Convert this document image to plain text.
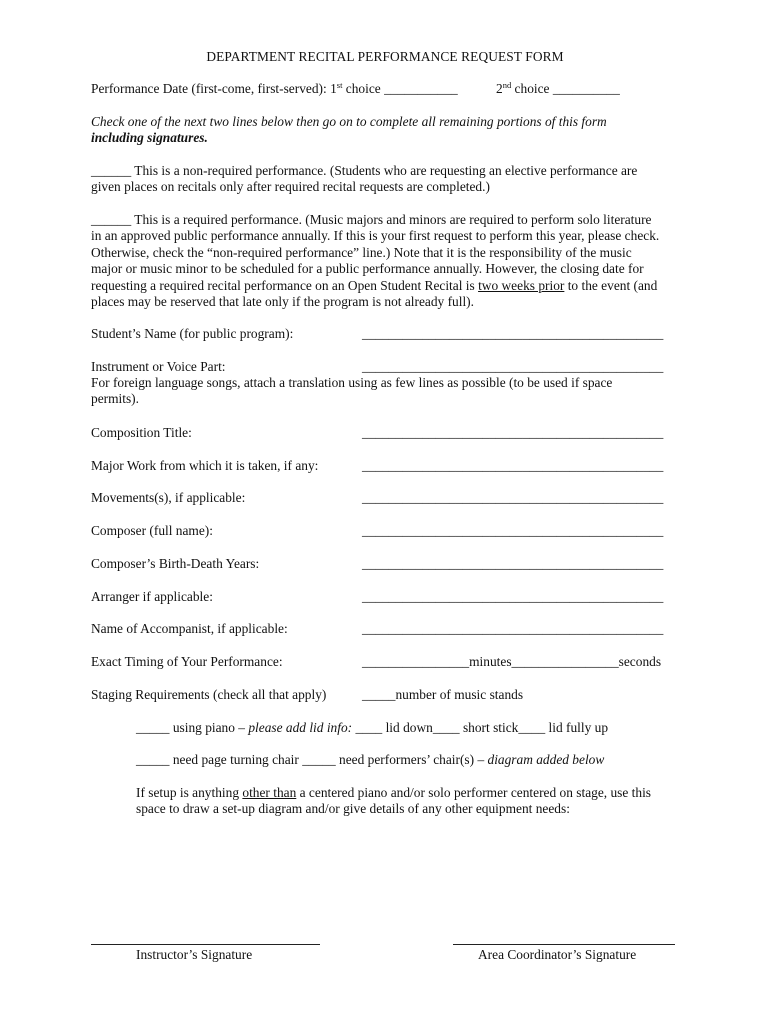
DEPARTMENT RECITAL PERFORMANCE REQUEST FORM
Performance Date (first-come, first-served): 1st choice ___________	2nd choice __________
Check one of the next two lines below then go on to complete all remaining portions of this form
including signatures.
______ This is a non-required performance. (Students who are requesting an elective performance are
given places on recitals only after required recital requests are completed.)
______ This is a required performance. (Music majors and minors are required to perform solo literature
in an approved public performance annually. If this is your first request to perform this year, please check.
Otherwise, check the “non-required performance” line.) Note that it is the responsibility of the music
major or music minor to be scheduled for a public performance annually. However, the closing date for
requesting a required recital performance on an Open Student Recital is two weeks prior to the event (and
places may be reserved that late only if the program is not already full).
Student’s Name (for public program):	_____________________________________________
Instrument or Voice Part:	_____________________________________________
For foreign language songs, attach a translation using as few lines as possible (to be used if space
permits).
Composition Title:	_____________________________________________
Major Work from which it is taken, if any:	_____________________________________________
Movements(s), if applicable:	_____________________________________________
Composer (full name):	_____________________________________________
Composer’s Birth-Death Years:	_____________________________________________
Arranger if applicable:	_____________________________________________
Name of Accompanist, if applicable:	_____________________________________________
Exact Timing of Your Performance:	________________minutes________________seconds
Staging Requirements (check all that apply)	_____number of music stands
_____ using piano – please add lid info: ____ lid down____ short stick____ lid fully up
_____ need page turning chair _____ need performers’ chair(s) – diagram added below
If setup is anything other than a centered piano and/or solo performer centered on stage, use this
space to draw a set-up diagram and/or give details of any other equipment needs:
Instructor’s Signature	Area Coordinator’s Signature
